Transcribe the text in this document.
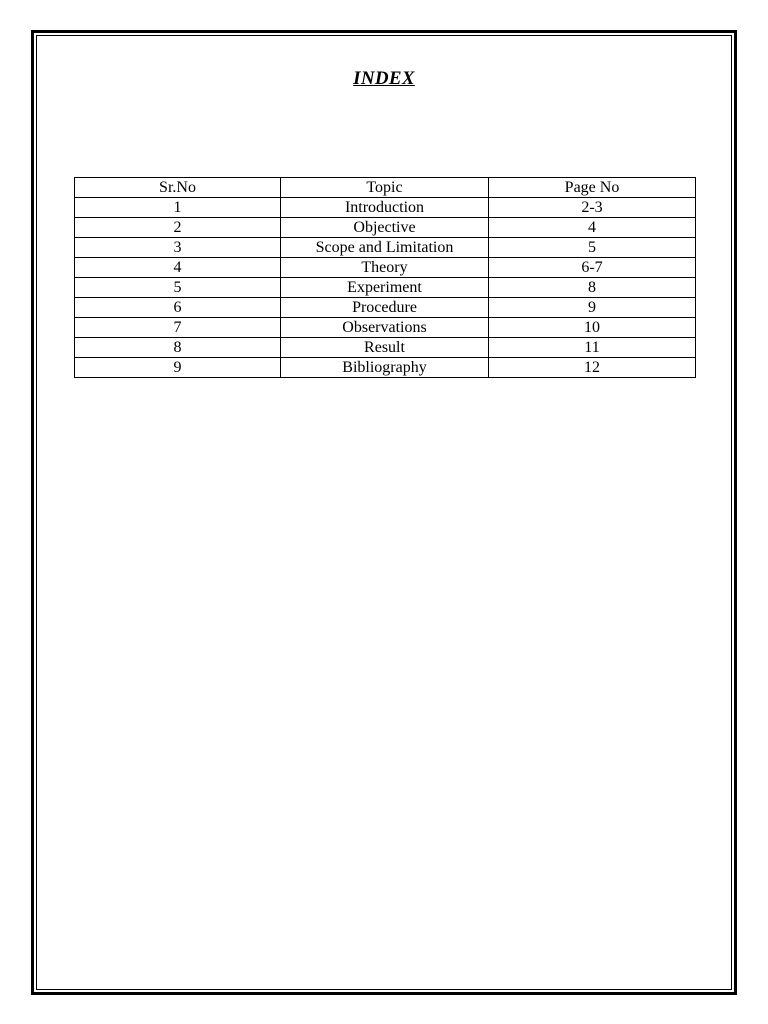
INDEX
Sr.No	Topic	Page No
1	Introduction	2-3
2	Objective	4
3	Scope and Limitation	5
4	Theory	6-7
5	Experiment	8
6	Procedure	9
7	Observations	10
8	Result	11
9	Bibliography	12
